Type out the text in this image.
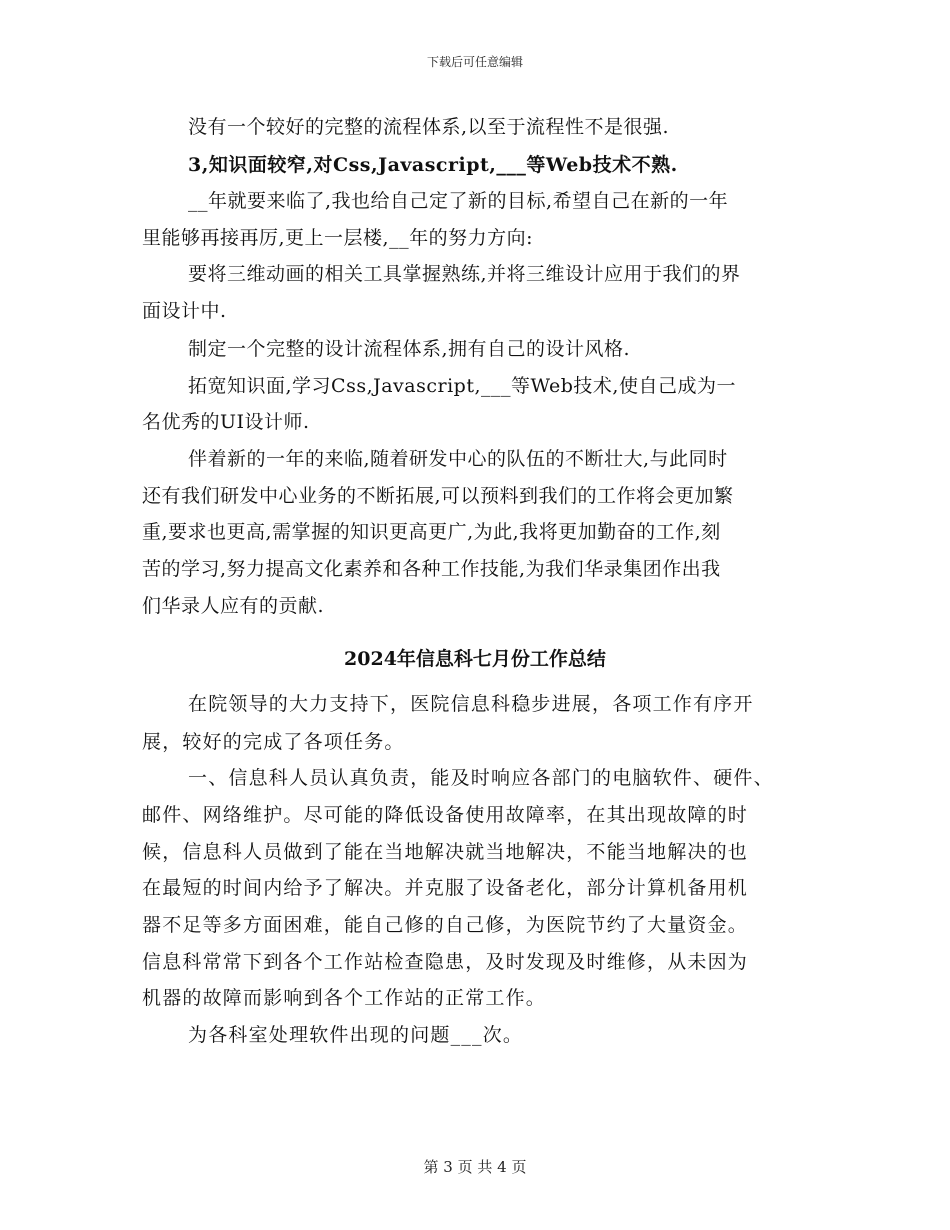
下载后可任意编辑
没有一个较好的完整的流程体系,以至于流程性不是很强.
3,知识面较窄,对Css,Javascript,___等Web技术不熟.
__年就要来临了,我也给自己定了新的目标,希望自己在新的一年
里能够再接再厉,更上一层楼,__年的努力方向:
要将三维动画的相关工具掌握熟练,并将三维设计应用于我们的界
面设计中.
制定一个完整的设计流程体系,拥有自己的设计风格.
拓宽知识面,学习Css,Javascript,___等Web技术,使自己成为一
名优秀的UI设计师.
伴着新的一年的来临,随着研发中心的队伍的不断壮大,与此同时
还有我们研发中心业务的不断拓展,可以预料到我们的工作将会更加繁
重,要求也更高,需掌握的知识更高更广,为此,我将更加勤奋的工作,刻
苦的学习,努力提高文化素养和各种工作技能,为我们华录集团作出我
们华录人应有的贡献.
2024年信息科七月份工作总结
在院领导的大力支持下，医院信息科稳步进展，各项工作有序开
展，较好的完成了各项任务。
一、信息科人员认真负责，能及时响应各部门的电脑软件、硬件、
邮件、网络维护。尽可能的降低设备使用故障率，在其出现故障的时
候，信息科人员做到了能在当地解决就当地解决，不能当地解决的也
在最短的时间内给予了解决。并克服了设备老化，部分计算机备用机
器不足等多方面困难，能自己修的自己修，为医院节约了大量资金。
信息科常常下到各个工作站检查隐患，及时发现及时维修，从未因为
机器的故障而影响到各个工作站的正常工作。
为各科室处理软件出现的问题___次。
第 3 页 共 4 页
